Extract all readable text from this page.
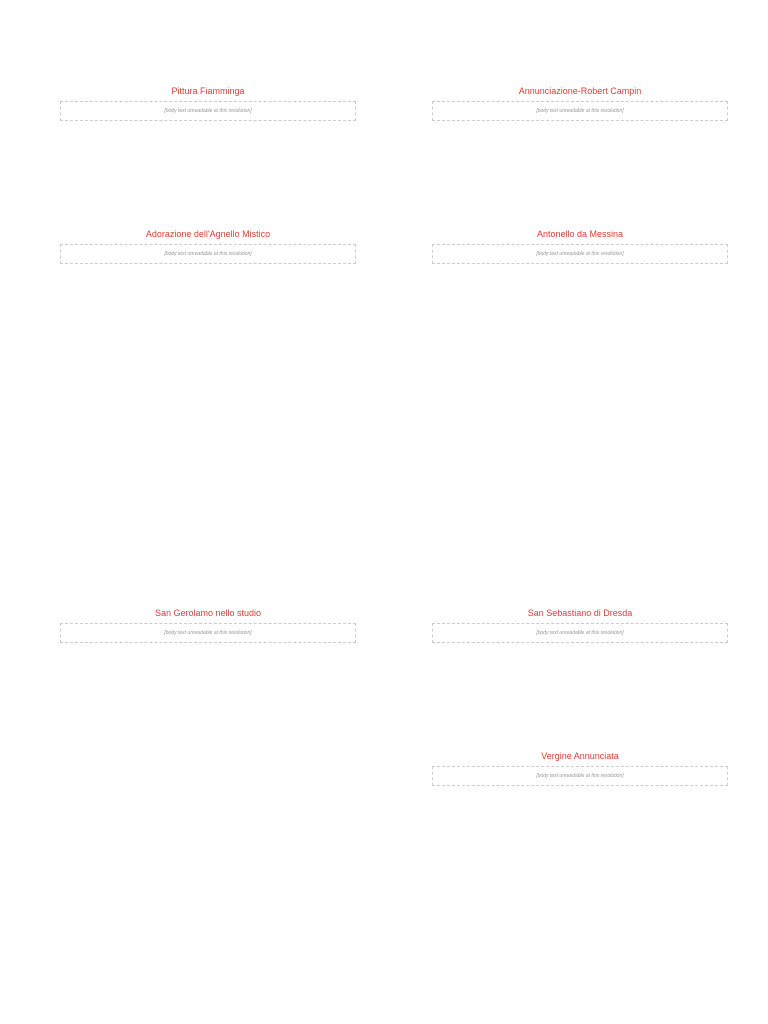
Pittura Fiamminga
[body text unreadable at this resolution]
Adorazione dell'Agnello Mistico
[body text unreadable at this resolution]
Annunciazione-Robert Campin
[body text unreadable at this resolution]
Antonello da Messina
[body text unreadable at this resolution]
San Gerolamo nello studio
[body text unreadable at this resolution]
San Sebastiano di Dresda
[body text unreadable at this resolution]
Vergine Annunciata
[body text unreadable at this resolution]
